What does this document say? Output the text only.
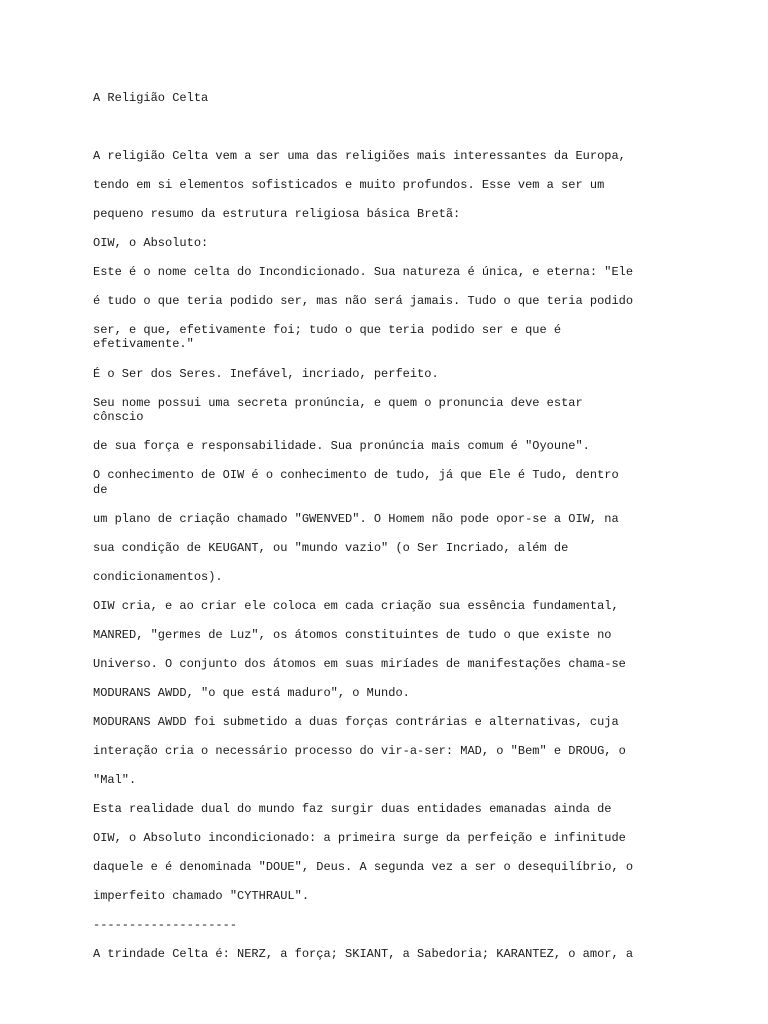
A Religião Celta

A religião Celta vem a ser uma das religiões mais interessantes da Europa,

tendo em si elementos sofisticados e muito profundos. Esse vem a ser um

pequeno resumo da estrutura religiosa básica Bretã:

OIW, o Absoluto:

Este é o nome celta do Incondicionado. Sua natureza é única, e eterna: "Ele

é tudo o que teria podido ser, mas não será jamais. Tudo o que teria podido

ser, e que, efetivamente foi; tudo o que teria podido ser e que é

efetivamente."

É o Ser dos Seres. Inefável, incriado, perfeito.

Seu nome possui uma secreta pronúncia, e quem o pronuncia deve estar

cônscio

de sua força e responsabilidade. Sua pronúncia mais comum é "Oyoune".

O conhecimento de OIW é o conhecimento de tudo, já que Ele é Tudo, dentro

de

um plano de criação chamado "GWENVED". O Homem não pode opor-se a OIW, na

sua condição de KEUGANT, ou "mundo vazio" (o Ser Incriado, além de

condicionamentos).

OIW cria, e ao criar ele coloca em cada criação sua essência fundamental,

MANRED, "germes de Luz", os átomos constituintes de tudo o que existe no

Universo. O conjunto dos átomos em suas miríades de manifestações chama-se

MODURANS AWDD, "o que está maduro", o Mundo.

MODURANS AWDD foi submetido a duas forças contrárias e alternativas, cuja

interação cria o necessário processo do vir-a-ser: MAD, o "Bem" e DROUG, o

"Mal".

Esta realidade dual do mundo faz surgir duas entidades emanadas ainda de

OIW, o Absoluto incondicionado: a primeira surge da perfeição e infinitude

daquele e é denominada "DOUE", Deus. A segunda vez a ser o desequilíbrio, o

imperfeito chamado "CYTHRAUL".

--------------------

A trindade Celta é: NERZ, a força; SKIANT, a Sabedoria; KARANTEZ, o amor, a
